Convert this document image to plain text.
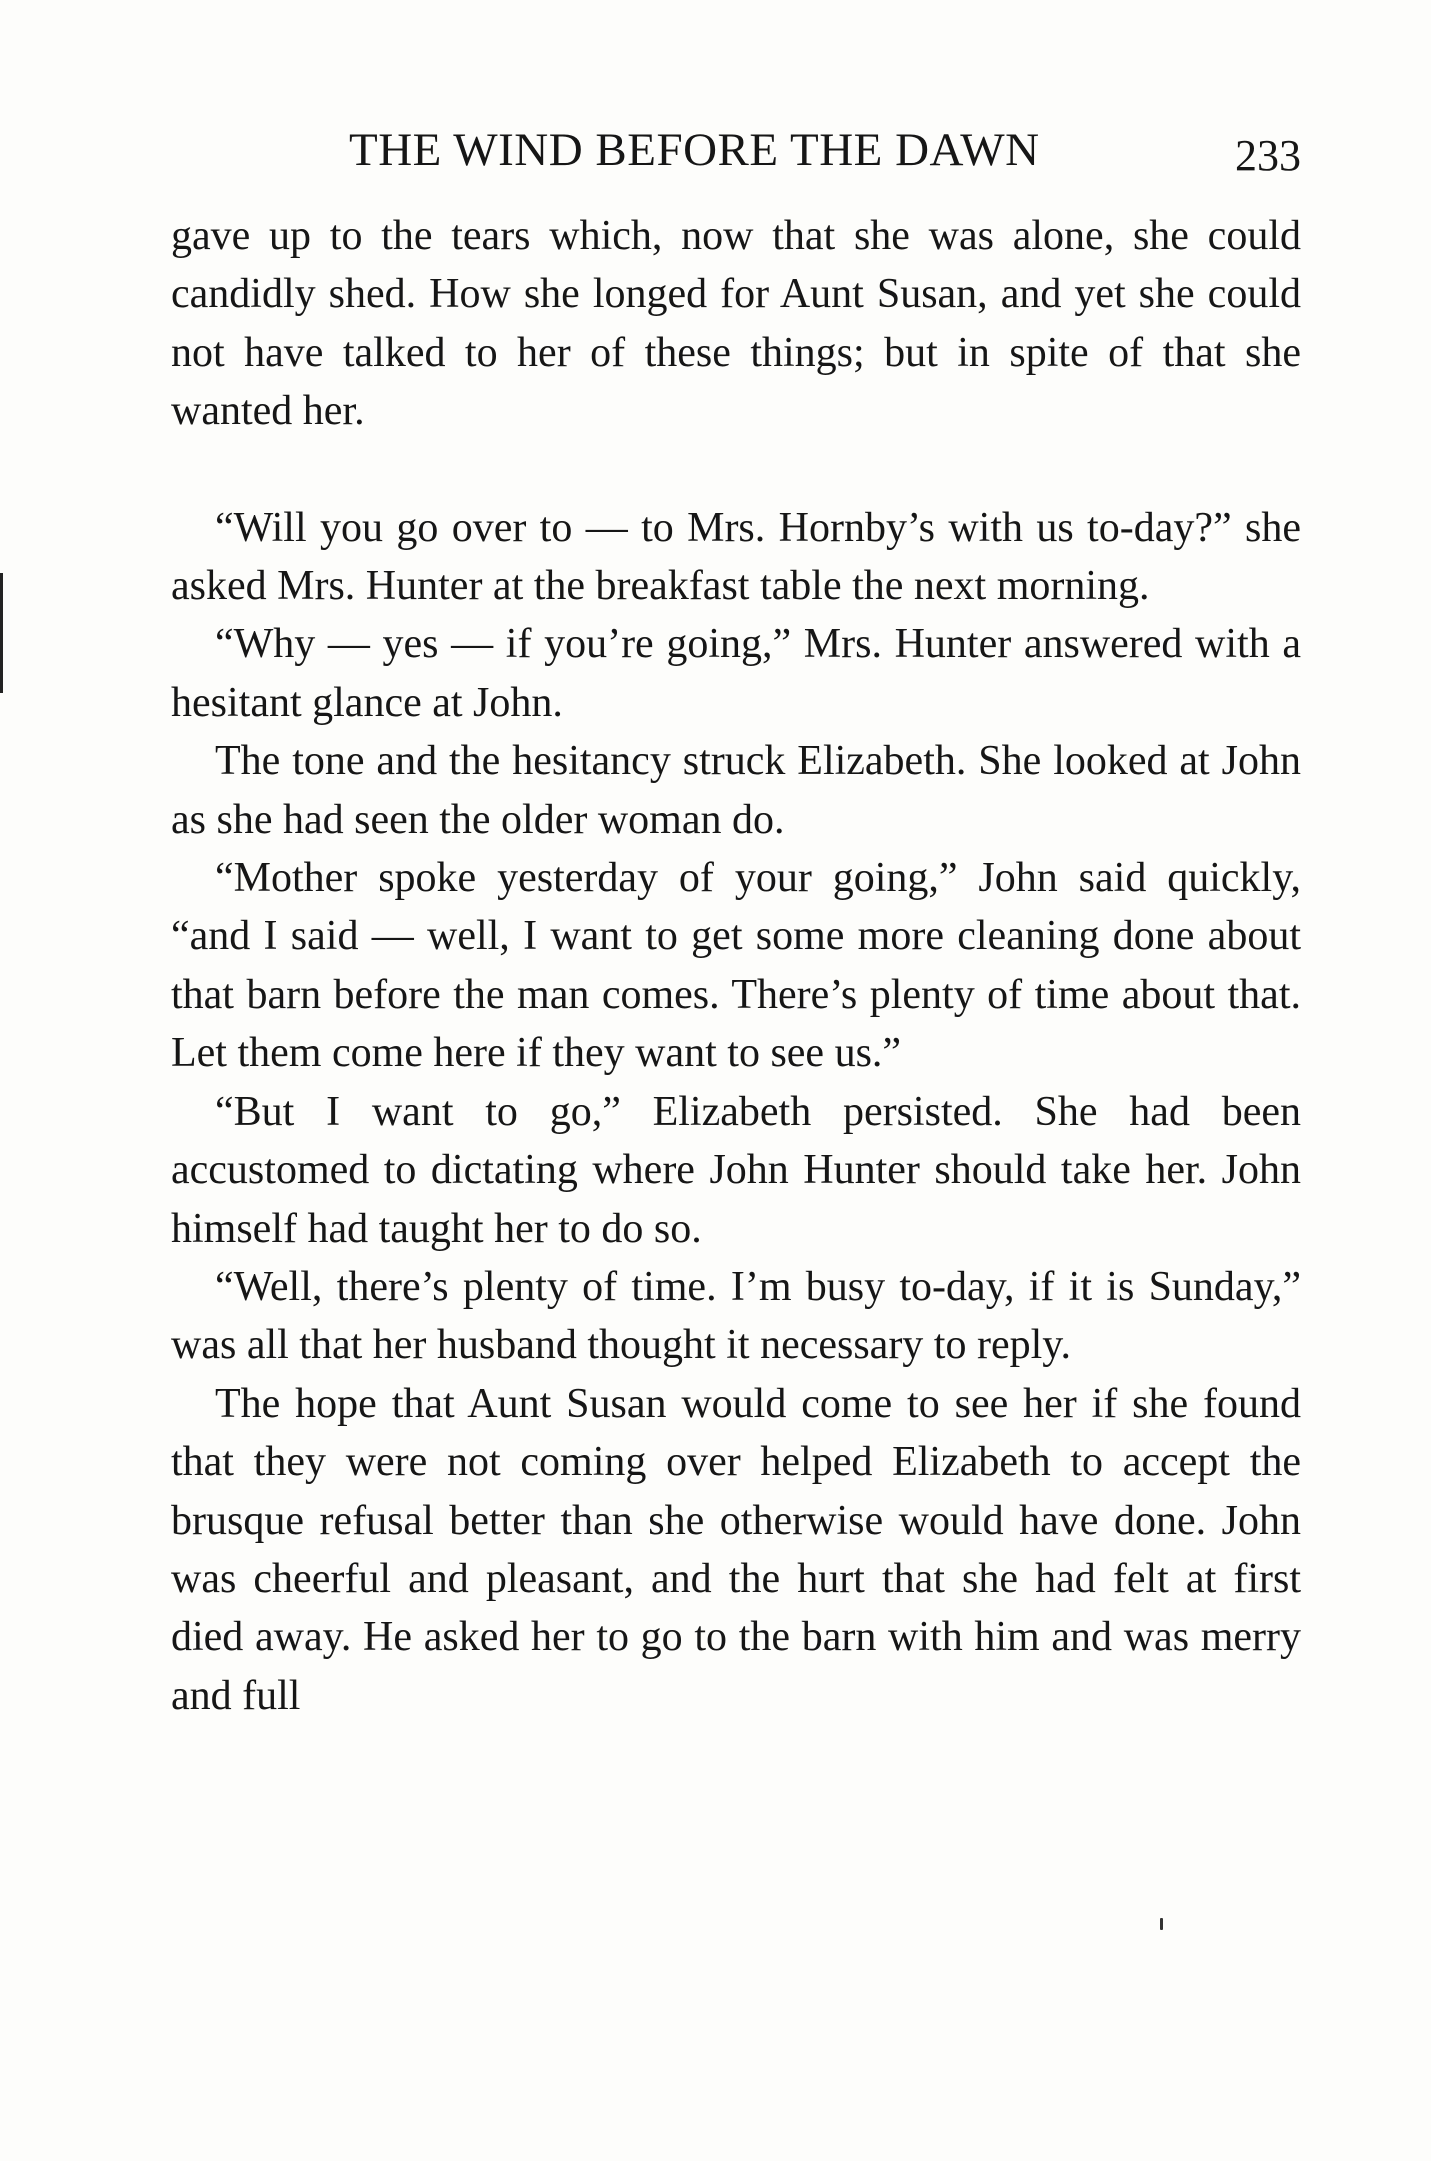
THE WIND BEFORE THE DAWN	233

gave up to the tears which, now that she was alone, she could candidly shed. How she longed for Aunt Susan, and yet she could not have talked to her of these things; but in spite of that she wanted her.

“Will you go over to — to Mrs. Hornby’s with us to-day?” she asked Mrs. Hunter at the breakfast table the next morning.

“Why — yes — if you’re going,” Mrs. Hunter answered with a hesitant glance at John.

The tone and the hesitancy struck Elizabeth. She looked at John as she had seen the older woman do.

“Mother spoke yesterday of your going,” John said quickly, “and I said — well, I want to get some more cleaning done about that barn before the man comes. There’s plenty of time about that. Let them come here if they want to see us.”

“But I want to go,” Elizabeth persisted. She had been accustomed to dictating where John Hunter should take her. John himself had taught her to do so.

“Well, there’s plenty of time. I’m busy to-day, if it is Sunday,” was all that her husband thought it necessary to reply.

The hope that Aunt Susan would come to see her if she found that they were not coming over helped Elizabeth to accept the brusque refusal better than she otherwise would have done. John was cheerful and pleasant, and the hurt that she had felt at first died away. He asked her to go to the barn with him and was merry and full
